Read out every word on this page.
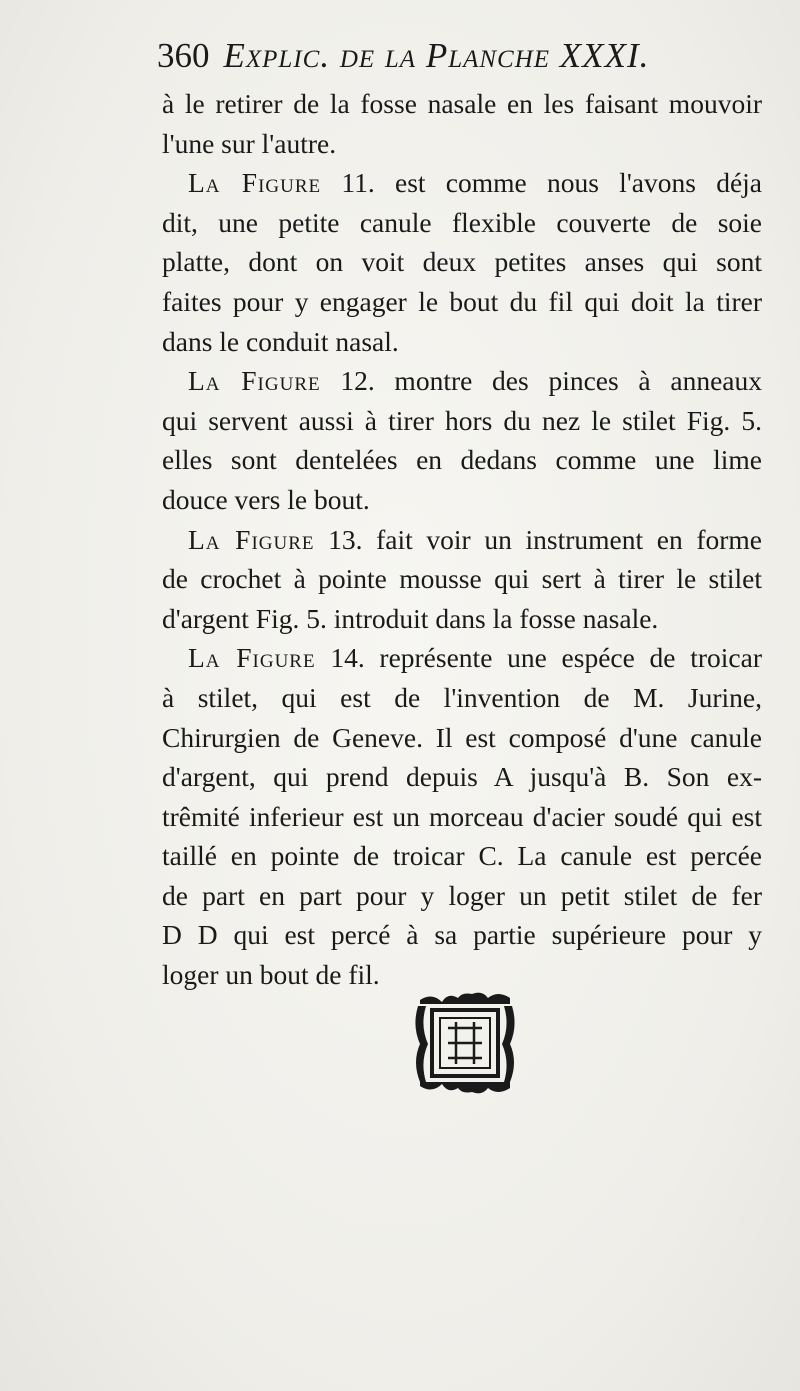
360 Explic. de la Planche XXXI.
à le retirer de la fosse nasale en les faisant mouvoir
l'une sur l'autre.
La Figure 11. est comme nous l'avons déja
dit, une petite canule flexible couverte de soie
platte, dont on voit deux petites anses qui sont
faites pour y engager le bout du fil qui doit la tirer
dans le conduit nasal.
La Figure 12. montre des pinces à anneaux
qui servent aussi à tirer hors du nez le stilet Fig. 5.
elles sont dentelées en dedans comme une lime
douce vers le bout.
La Figure 13. fait voir un instrument en forme
de crochet à pointe mousse qui sert à tirer le stilet
d'argent Fig. 5. introduit dans la fosse nasale.
La Figure 14. représente une espéce de troicar
à stilet, qui est de l'invention de M. Jurine,
Chirurgien de Geneve. Il est composé d'une canule
d'argent, qui prend depuis A jusqu'à B. Son ex-
trêmité inferieur est un morceau d'acier soudé qui est
taillé en pointe de troicar C. La canule est percée
de part en part pour y loger un petit stilet de fer
D D qui est percé à sa partie supérieure pour y
loger un bout de fil.
